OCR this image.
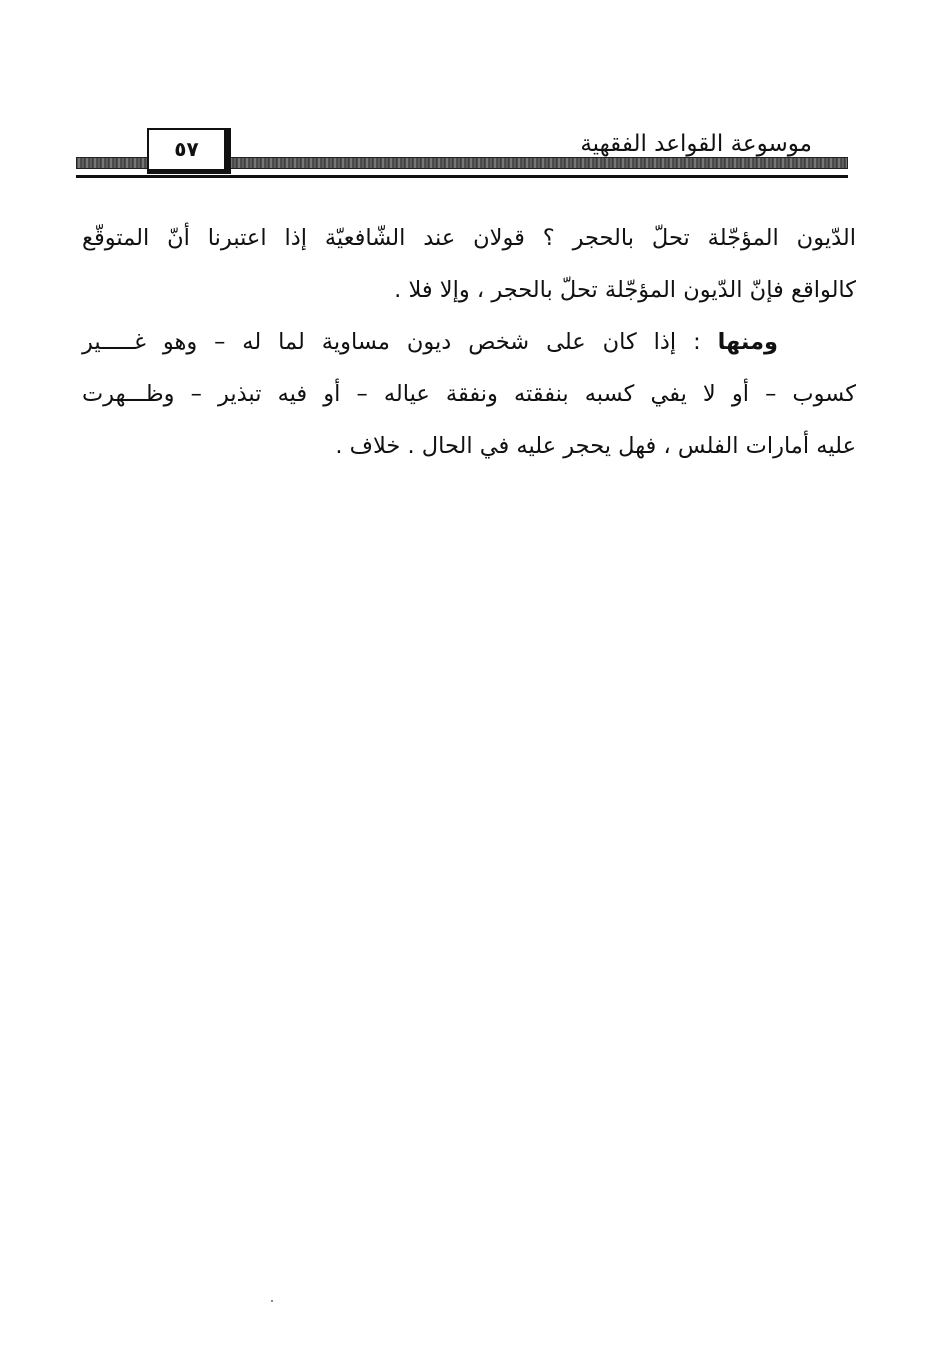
موسوعة القواعد الفقهية
٥٧
الدّيون المؤجّلة تحلّ بالحجر ؟ قولان عند الشّافعيّة إذا اعتبرنا أنّ المتوقّع
كالواقع فإنّ الدّيون المؤجّلة تحلّ بالحجر ، وإلا فلا .
ومنها : إذا كان على شخص ديون مساوية لما له – وهو غـــــير
كسوب – أو لا يفي كسبه بنفقته ونفقة عياله – أو فيه تبذير – وظـــهرت
عليه أمارات الفلس ، فهل يحجر عليه في الحال . خلاف .
